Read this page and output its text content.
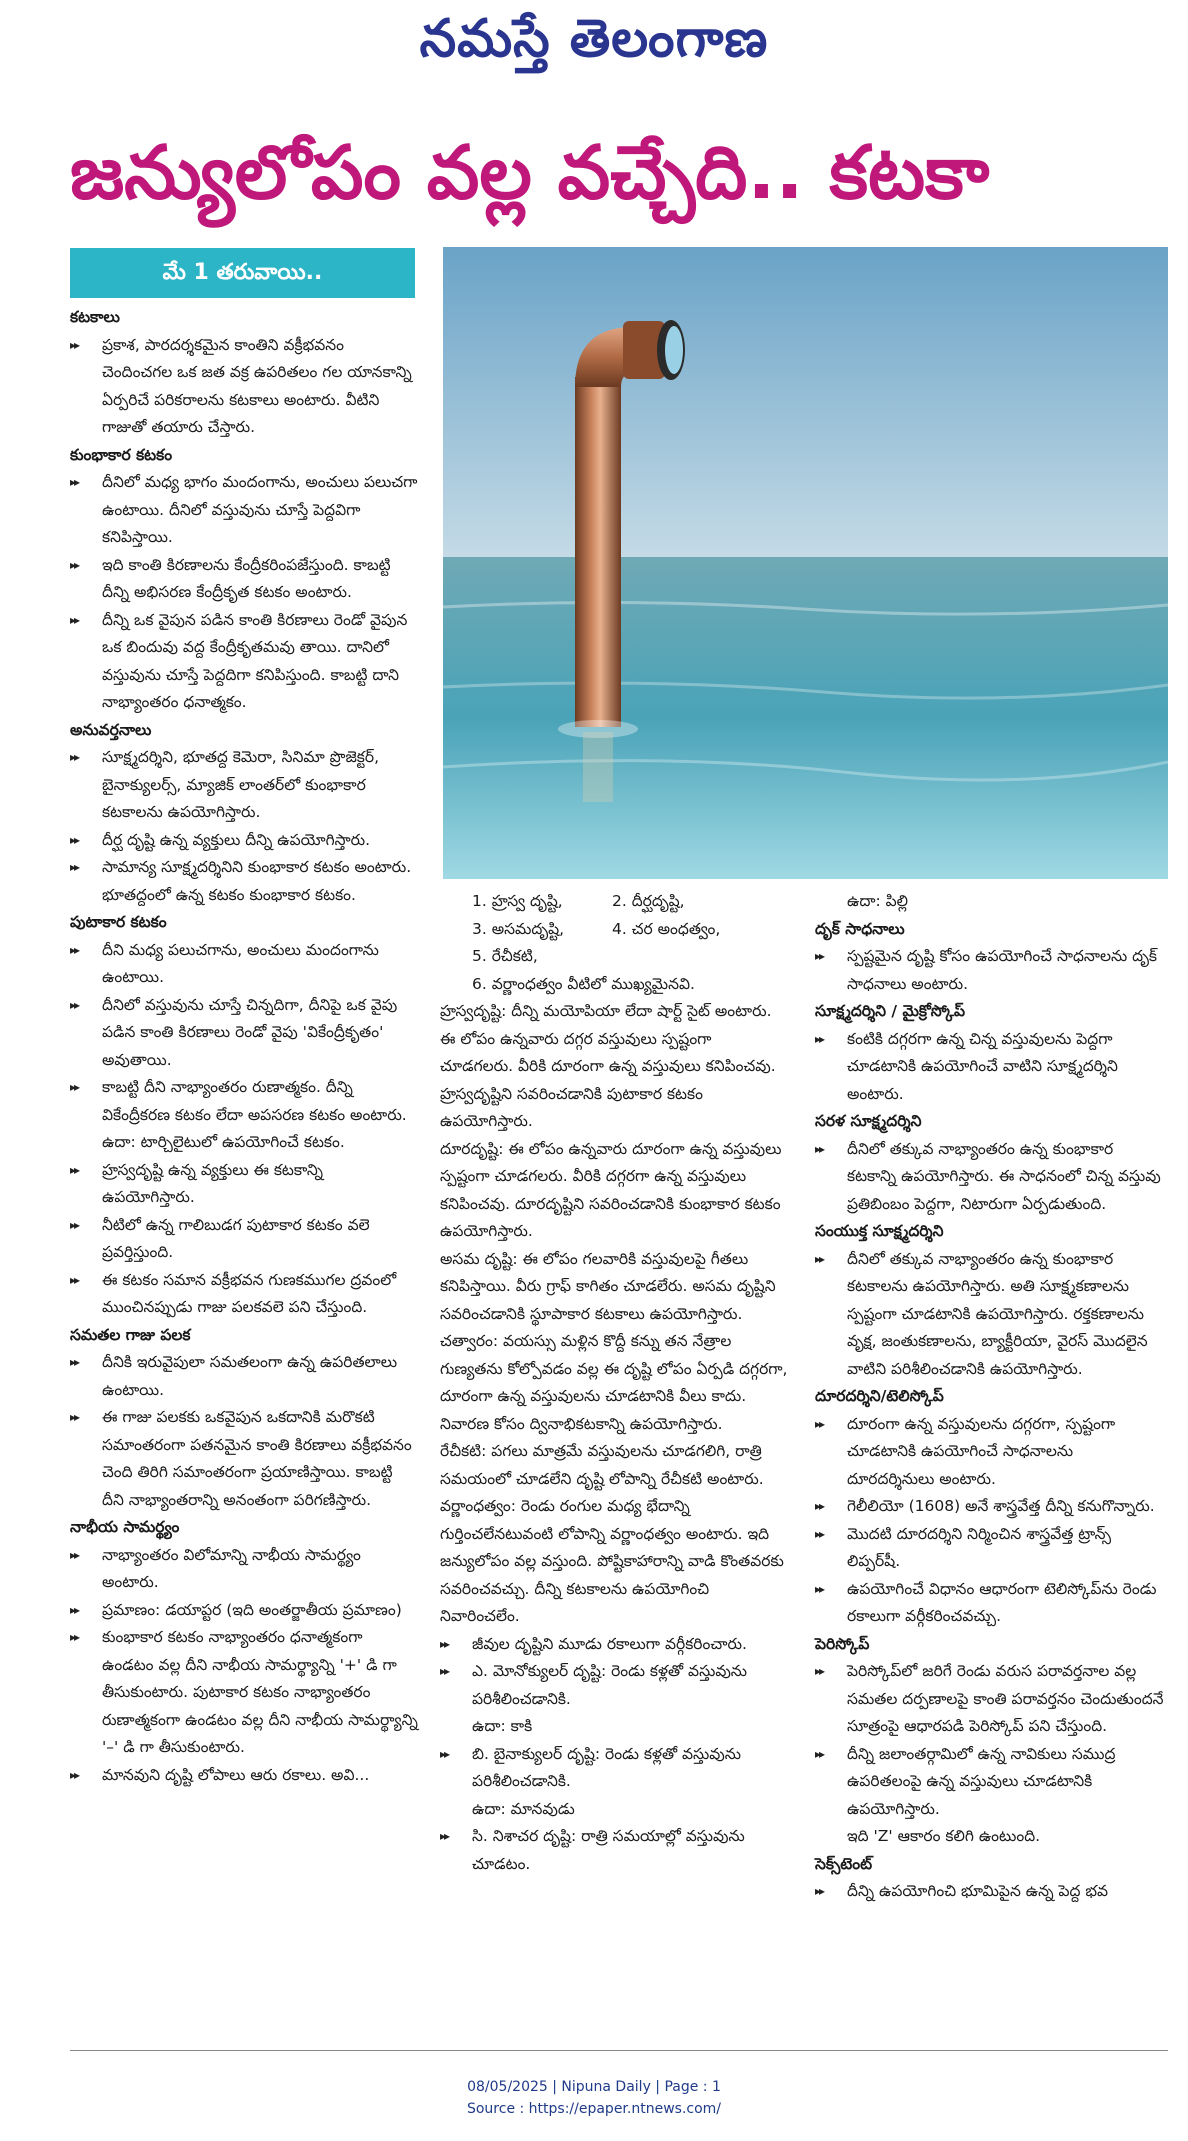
నమస్తే తెలంగాణ
జన్యులోపం వల్ల వచ్చేది.. కటకా
మే 1 తరువాయి..
కటకాలు
▸▸ ప్రకాశ, పారదర్శకమైన కాంతిని వక్రీభవనం చెందించగల ఒక జత వక్ర ఉపరితలం గల యానకాన్ని ఏర్పరిచే పరికరాలను కటకాలు అంటారు. వీటిని గాజుతో తయారు చేస్తారు.
కుంభాకార కటకం
▸▸ దీనిలో మధ్య భాగం మందంగాను, అంచులు పలుచగా ఉంటాయి. దీనిలో వస్తువును చూస్తే పెద్దవిగా కనిపిస్తాయి.
▸▸ ఇది కాంతి కిరణాలను కేంద్రీకరింపజేస్తుంది. కాబట్టి దీన్ని అభిసరణ కేంద్రీకృత కటకం అంటారు.
▸▸ దీన్ని ఒక వైపున పడిన కాంతి కిరణాలు రెండో వైపున ఒక బిందువు వద్ద కేంద్రీకృతమవు తాయి. దానిలో వస్తువును చూస్తే పెద్దదిగా కనిపిస్తుంది. కాబట్టి దాని నాభ్యాంతరం ధనాత్మకం.
అనువర్తనాలు
▸▸ సూక్ష్మదర్శిని, భూతద్ద కెమెరా, సినిమా ప్రొజెక్టర్, బైనాక్యులర్స్, మ్యాజిక్ లాంతర్‌లో కుంభాకార కటకాలను ఉపయోగిస్తారు.
▸▸ దీర్ఘ దృష్టి ఉన్న వ్యక్తులు దీన్ని ఉపయోగిస్తారు.
▸▸ సామాన్య సూక్ష్మదర్శినిని కుంభాకార కటకం అంటారు. భూతద్దంలో ఉన్న కటకం కుంభాకార కటకం.
పుటాకార కటకం
▸▸ దీని మధ్య పలుచగాను, అంచులు మందంగాను ఉంటాయి.
▸▸ దీనిలో వస్తువును చూస్తే చిన్నదిగా, దీనిపై ఒక వైపు పడిన కాంతి కిరణాలు రెండో వైపు 'వికేంద్రీకృతం' అవుతాయి.
▸▸ కాబట్టి దీని నాభ్యాంతరం రుణాత్మకం. దీన్ని వికేంద్రీకరణ కటకం లేదా అపసరణ కటకం అంటారు.
ఉదా: టార్చిలైటులో ఉపయోగించే కటకం.
▸▸ హ్రస్వదృష్టి ఉన్న వ్యక్తులు ఈ కటకాన్ని ఉపయోగిస్తారు.
▸▸ నీటిలో ఉన్న గాలిబుడగ పుటాకార కటకం వలె ప్రవర్తిస్తుంది.
▸▸ ఈ కటకం సమాన వక్రీభవన గుణకముగల ద్రవంలో ముంచినప్పుడు గాజు పలకవలె పని చేస్తుంది.
సమతల గాజు పలక
▸▸ దీనికి ఇరువైపులా సమతలంగా ఉన్న ఉపరితలాలు ఉంటాయి.
▸▸ ఈ గాజు పలకకు ఒకవైపున ఒకదానికి మరొకటి సమాంతరంగా పతనమైన కాంతి కిరణాలు వక్రీభవనం చెంది తిరిగి సమాంతరంగా ప్రయాణిస్తాయి. కాబట్టి దీని నాభ్యాంతరాన్ని అనంతంగా పరిగణిస్తారు.
నాభీయ సామర్థ్యం
▸▸ నాభ్యాంతరం విలోమాన్ని నాభీయ సామర్థ్యం అంటారు.
▸▸ ప్రమాణం: డయాప్టర (ఇది అంతర్జాతీయ ప్రమాణం)
▸▸ కుంభాకార కటకం నాభ్యాంతరం ధనాత్మకంగా ఉండటం వల్ల దీని నాభీయ సామర్థ్యాన్ని '+' డి గా తీసుకుంటారు. పుటాకార కటకం నాభ్యాంతరం రుణాత్మకంగా ఉండటం వల్ల దీని నాభీయ సామర్థ్యాన్ని '–' డి గా తీసుకుంటారు.
▸▸ మానవుని దృష్టి లోపాలు ఆరు రకాలు. అవి...
1. హ్రస్వ దృష్టి,	2. దీర్ఘదృష్టి,
3. అసమదృష్టి,	4. చర అంధత్వం,
5. రేచీకటి,
6. వర్ణాంధత్వం వీటిలో ముఖ్యమైనవి.
హ్రస్వదృష్టి: దీన్ని మయోపియా లేదా షార్ట్ సైట్ అంటారు. ఈ లోపం ఉన్నవారు దగ్గర వస్తువులు స్పష్టంగా చూడగలరు. వీరికి దూరంగా ఉన్న వస్తువులు కనిపించవు. హ్రస్వదృష్టిని సవరించడానికి పుటాకార కటకం ఉపయోగిస్తారు.
దూరదృష్టి: ఈ లోపం ఉన్నవారు దూరంగా ఉన్న వస్తువులు స్పష్టంగా చూడగలరు. వీరికి దగ్గరగా ఉన్న వస్తువులు కనిపించవు. దూరదృష్టిని సవరించడానికి కుంభాకార కటకం ఉపయోగిస్తారు.
అసమ దృష్టి: ఈ లోపం గలవారికి వస్తువులపై గీతలు కనిపిస్తాయి. వీరు గ్రాఫ్ కాగితం చూడలేరు. అసమ దృష్టిని సవరించడానికి స్థూపాకార కటకాలు ఉపయోగిస్తారు.
చత్వారం: వయస్సు మళ్లిన కొద్దీ కన్ను తన నేత్రాల గుణ్యతను కోల్పోవడం వల్ల ఈ దృష్టి లోపం ఏర్పడి దగ్గరగా, దూరంగా ఉన్న వస్తువులను చూడటానికి వీలు కాదు. నివారణ కోసం ద్వినాభికటకాన్ని ఉపయోగిస్తారు.
రేచీకటి: పగలు మాత్రమే వస్తువులను చూడగలిగి, రాత్రి సమయంలో చూడలేని దృష్టి లోపాన్ని రేచీకటి అంటారు.
వర్ణాంధత్వం: రెండు రంగుల మధ్య భేదాన్ని గుర్తించలేనటువంటి లోపాన్ని వర్ణాంధత్వం అంటారు. ఇది జన్యులోపం వల్ల వస్తుంది. పోష్టికాహారాన్ని వాడి కొంతవరకు సవరించవచ్చు. దీన్ని కటకాలను ఉపయోగించి నివారించలేం.
▸▸ జీవుల దృష్టిని మూడు రకాలుగా వర్గీకరించారు.
▸▸ ఎ. మోనోక్యులర్ దృష్టి: రెండు కళ్లతో వస్తువును పరిశీలించడానికి.
ఉదా: కాకి
▸▸ బి. బైనాక్యులర్ దృష్టి: రెండు కళ్లతో వస్తువును పరిశీలించడానికి.
ఉదా: మానవుడు
▸▸ సి. నిశాచర దృష్టి: రాత్రి సమయాల్లో వస్తువును చూడటం.
ఉదా: పిల్లి
దృక్ సాధనాలు
▸▸ స్పష్టమైన దృష్టి కోసం ఉపయోగించే సాధనాలను దృక్ సాధనాలు అంటారు.
సూక్ష్మదర్శిని / మైక్రోస్కోప్
▸▸ కంటికి దగ్గరగా ఉన్న చిన్న వస్తువులను పెద్దగా చూడటానికి ఉపయోగించే వాటిని సూక్ష్మదర్శిని అంటారు.
సరళ సూక్ష్మదర్శిని
▸▸ దీనిలో తక్కువ నాభ్యాంతరం ఉన్న కుంభాకార కటకాన్ని ఉపయోగిస్తారు. ఈ సాధనంలో చిన్న వస్తువు ప్రతిబింబం పెద్దగా, నిటారుగా ఏర్పడుతుంది.
సంయుక్త సూక్ష్మదర్శిని
▸▸ దీనిలో తక్కువ నాభ్యాంతరం ఉన్న కుంభాకార కటకాలను ఉపయోగిస్తారు. అతి సూక్ష్మకణాలను స్పష్టంగా చూడటానికి ఉపయోగిస్తారు. రక్తకణాలను వృక్ష, జంతుకణాలను, బ్యాక్టీరియా, వైరస్ మొదలైన వాటిని పరిశీలించడానికి ఉపయోగిస్తారు.
దూరదర్శిని/టెలిస్కోప్
▸▸ దూరంగా ఉన్న వస్తువులను దగ్గరగా, స్పష్టంగా చూడటానికి ఉపయోగించే సాధనాలను దూరదర్శినులు అంటారు.
▸▸ గెలీలియో (1608) అనే శాస్త్రవేత్త దీన్ని కనుగొన్నారు.
▸▸ మొదటి దూరదర్శిని నిర్మించిన శాస్త్రవేత్త ట్రాన్స్ లిప్పర్‌షీ.
▸▸ ఉపయోగించే విధానం ఆధారంగా టెలిస్కోప్‌ను రెండు రకాలుగా వర్గీకరించవచ్చు.
పెరిస్కోప్
▸▸ పెరిస్కోప్‌లో జరిగే రెండు వరుస పరావర్తనాల వల్ల సమతల దర్పణాలపై కాంతి పరావర్తనం చెందుతుందనే సూత్రంపై ఆధారపడి పెరిస్కోప్ పని చేస్తుంది.
▸▸ దీన్ని జలాంతర్గామిలో ఉన్న నావికులు సముద్ర ఉపరితలంపై ఉన్న వస్తువులు చూడటానికి ఉపయోగిస్తారు.
ఇది 'Z' ఆకారం కలిగి ఉంటుంది.
సెక్స్‌టెంట్
▸▸ దీన్ని ఉపయోగించి భూమిపైన ఉన్న పెద్ద భవ
08/05/2025 | Nipuna Daily | Page : 1
Source : https://epaper.ntnews.com/
